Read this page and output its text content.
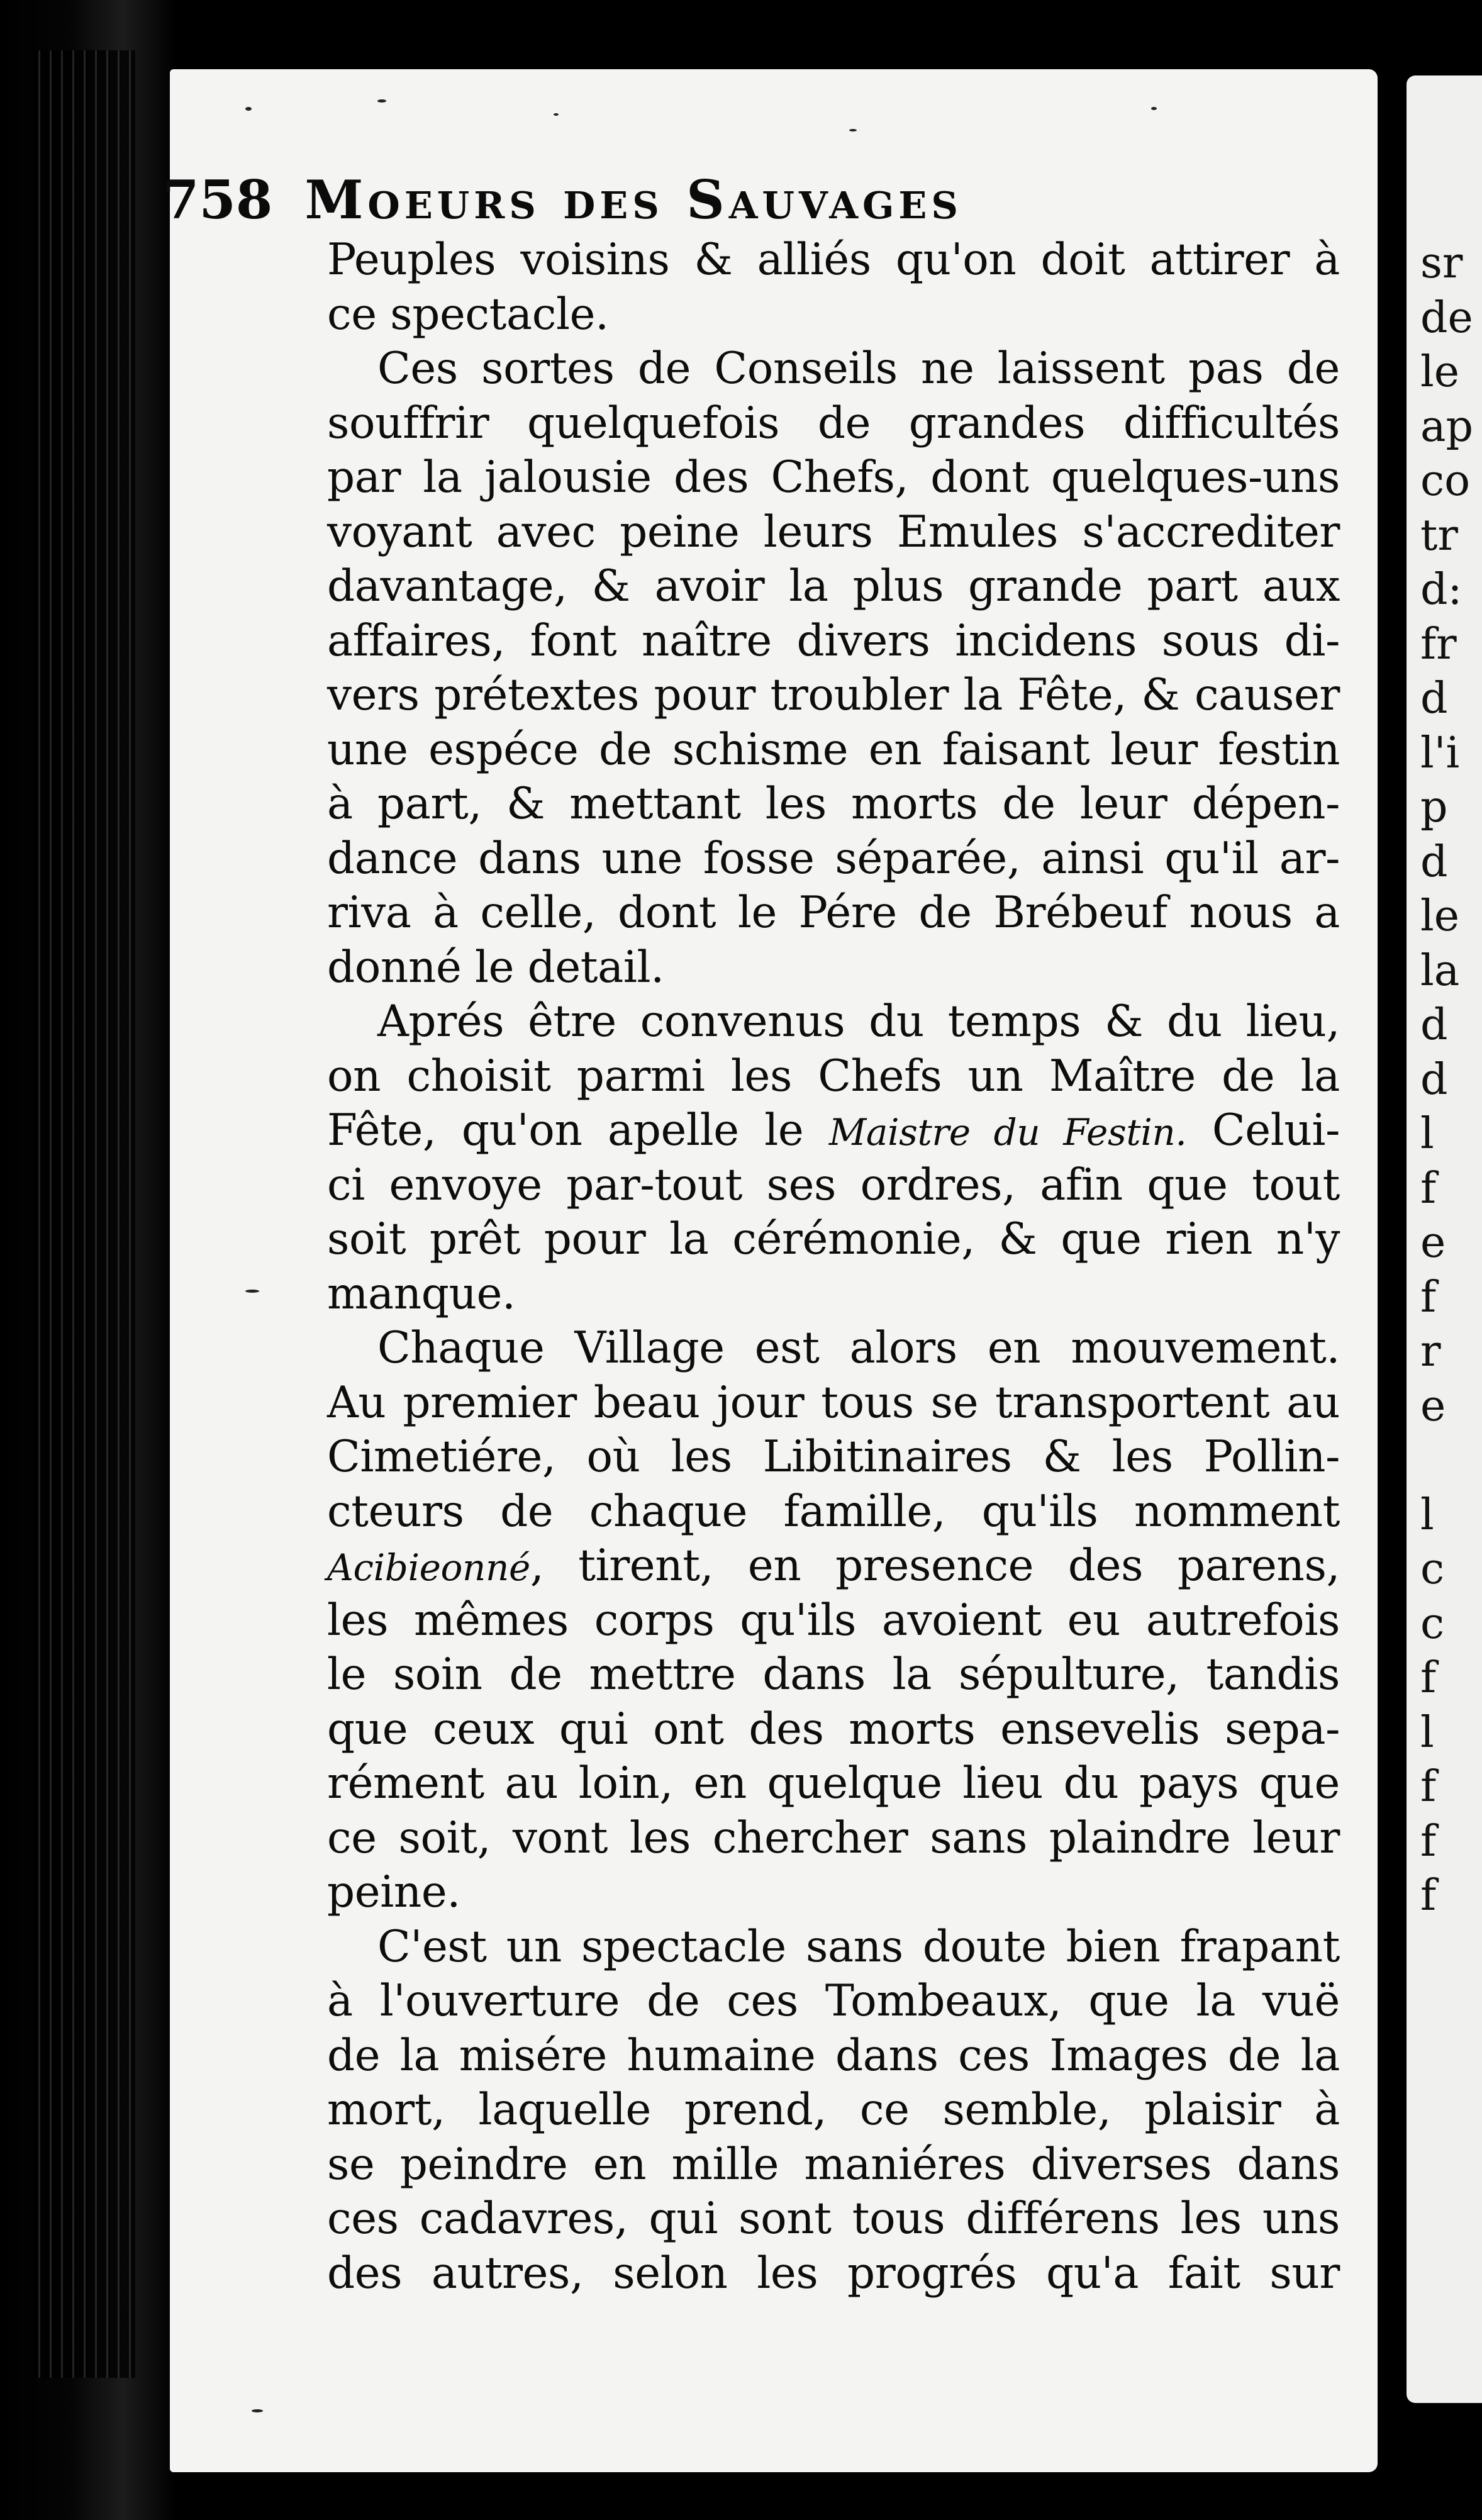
sr
de
le
ap
co
tr
d:
fr
d
l'i
p
d
le
la
d
d
l
f
e
f
r
e
l
c
c
f
l
f
f
f
758 Moeurs des Sauvages
Peuples voisins & alliés qu'on doit attirer à
ce spectacle.
Ces sortes de Conseils ne laissent pas de
souffrir quelquefois de grandes difficultés
par la jalousie des Chefs, dont quelques-uns
voyant avec peine leurs Emules s'accrediter
davantage, & avoir la plus grande part aux
affaires, font naître divers incidens sous di-
vers prétextes pour troubler la Fête, & causer
une espéce de schisme en faisant leur festin
à part, & mettant les morts de leur dépen-
dance dans une fosse séparée, ainsi qu'il ar-
riva à celle, dont le Pére de Brébeuf nous a
donné le detail.
Aprés être convenus du temps & du lieu,
on choisit parmi les Chefs un Maître de la
Fête, qu'on apelle le Maistre du Festin. Celui-
ci envoye par-tout ses ordres, afin que tout
soit prêt pour la cérémonie, & que rien n'y
manque.
Chaque Village est alors en mouvement.
Au premier beau jour tous se transportent au
Cimetiére, où les Libitinaires & les Pollin-
cteurs de chaque famille, qu'ils nomment
Acibieonné, tirent, en presence des parens,
les mêmes corps qu'ils avoient eu autrefois
le soin de mettre dans la sépulture, tandis
que ceux qui ont des morts ensevelis sepa-
rément au loin, en quelque lieu du pays que
ce soit, vont les chercher sans plaindre leur
peine.
C'est un spectacle sans doute bien frapant
à l'ouverture de ces Tombeaux, que la vuë
de la misére humaine dans ces Images de la
mort, laquelle prend, ce semble, plaisir à
se peindre en mille maniéres diverses dans
ces cadavres, qui sont tous différens les uns
des autres, selon les progrés qu'a fait sur
